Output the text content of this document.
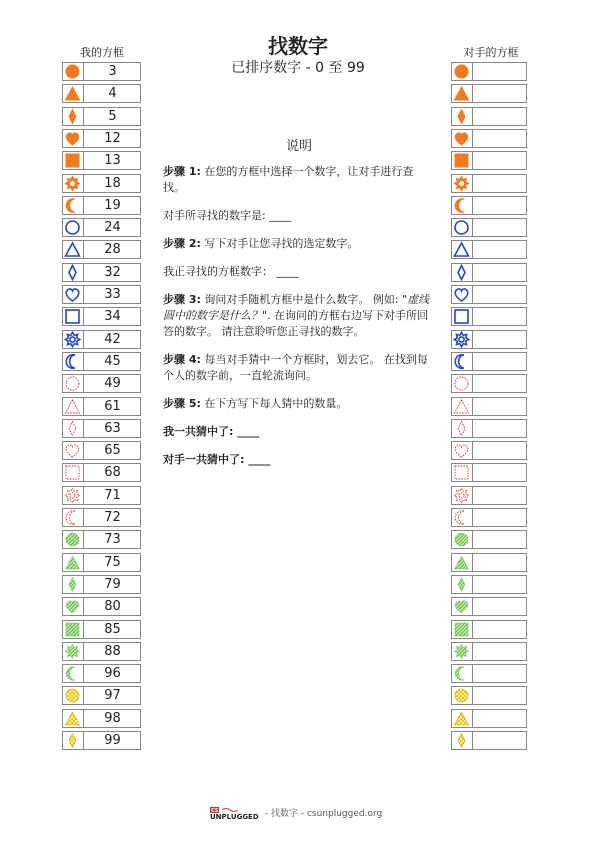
我的方框	对手的方框
找数字
已排序数字 - 0 至 99
3
4
5
12
13
18
19
24
28
32
33
34
42
45
49
61
63
65
68
71
72
73
75
79
80
85
88
96
97
98
99
说明

步骤 1: 在您的方框中选择一个数字，让对手进行查找。

对手所寻找的数字是: ____

步骤 2: 写下对手让您寻找的选定数字。

我正寻找的方框数字： ____

步骤 3: 询问对手随机方框中是什么数字。 例如: "虚线圆中的数字是什么？". 在询问的方框右边写下对手所回答的数字。 请注意聆听您正寻找的数字。

步骤 4: 每当对手猜中一个方框时，划去它。 在找到每个人的数字前，一直轮流询问。

步骤 5: 在下方写下每人猜中的数量。

我一共猜中了: ____

对手一共猜中了: ____

CS
UNPLUGGED - 找数字 - csunplugged.org
